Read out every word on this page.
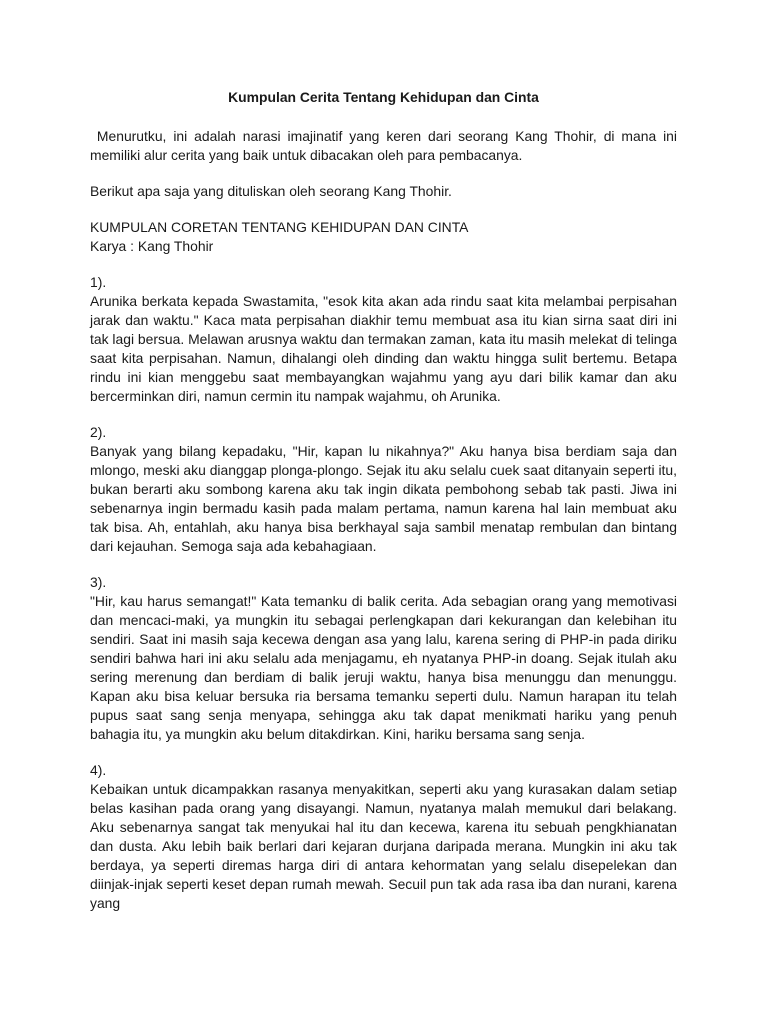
Kumpulan Cerita Tentang Kehidupan dan Cinta

Menurutku, ini adalah narasi imajinatif yang keren dari seorang Kang Thohir, di mana ini memiliki alur cerita yang baik untuk dibacakan oleh para pembacanya.

Berikut apa saja yang dituliskan oleh seorang Kang Thohir.

KUMPULAN CORETAN TENTANG KEHIDUPAN DAN CINTA

Karya : Kang Thohir

1).

Arunika berkata kepada Swastamita, "esok kita akan ada rindu saat kita melambai perpisahan jarak dan waktu." Kaca mata perpisahan diakhir temu membuat asa itu kian sirna saat diri ini tak lagi bersua. Melawan arusnya waktu dan termakan zaman, kata itu masih melekat di telinga saat kita perpisahan. Namun, dihalangi oleh dinding dan waktu hingga sulit bertemu. Betapa rindu ini kian menggebu saat membayangkan wajahmu yang ayu dari bilik kamar dan aku bercerminkan diri, namun cermin itu nampak wajahmu, oh Arunika.

2).

Banyak yang bilang kepadaku, "Hir, kapan lu nikahnya?" Aku hanya bisa berdiam saja dan mlongo, meski aku dianggap plonga-plongo. Sejak itu aku selalu cuek saat ditanyain seperti itu, bukan berarti aku sombong karena aku tak ingin dikata pembohong sebab tak pasti. Jiwa ini sebenarnya ingin bermadu kasih pada malam pertama, namun karena hal lain membuat aku tak bisa. Ah, entahlah, aku hanya bisa berkhayal saja sambil menatap rembulan dan bintang dari kejauhan. Semoga saja ada kebahagiaan.

3).

"Hir, kau harus semangat!" Kata temanku di balik cerita. Ada sebagian orang yang memotivasi dan mencaci-maki, ya mungkin itu sebagai perlengkapan dari kekurangan dan kelebihan itu sendiri. Saat ini masih saja kecewa dengan asa yang lalu, karena sering di PHP-in pada diriku sendiri bahwa hari ini aku selalu ada menjagamu, eh nyatanya PHP-in doang. Sejak itulah aku sering merenung dan berdiam di balik jeruji waktu, hanya bisa menunggu dan menunggu. Kapan aku bisa keluar bersuka ria bersama temanku seperti dulu. Namun harapan itu telah pupus saat sang senja menyapa, sehingga aku tak dapat menikmati hariku yang penuh bahagia itu, ya mungkin aku belum ditakdirkan. Kini, hariku bersama sang senja.

4).

Kebaikan untuk dicampakkan rasanya menyakitkan, seperti aku yang kurasakan dalam setiap belas kasihan pada orang yang disayangi. Namun, nyatanya malah memukul dari belakang. Aku sebenarnya sangat tak menyukai hal itu dan kecewa, karena itu sebuah pengkhianatan dan dusta. Aku lebih baik berlari dari kejaran durjana daripada merana. Mungkin ini aku tak berdaya, ya seperti diremas harga diri di antara kehormatan yang selalu disepelekan dan diinjak-injak seperti keset depan rumah mewah. Secuil pun tak ada rasa iba dan nurani, karena yang
